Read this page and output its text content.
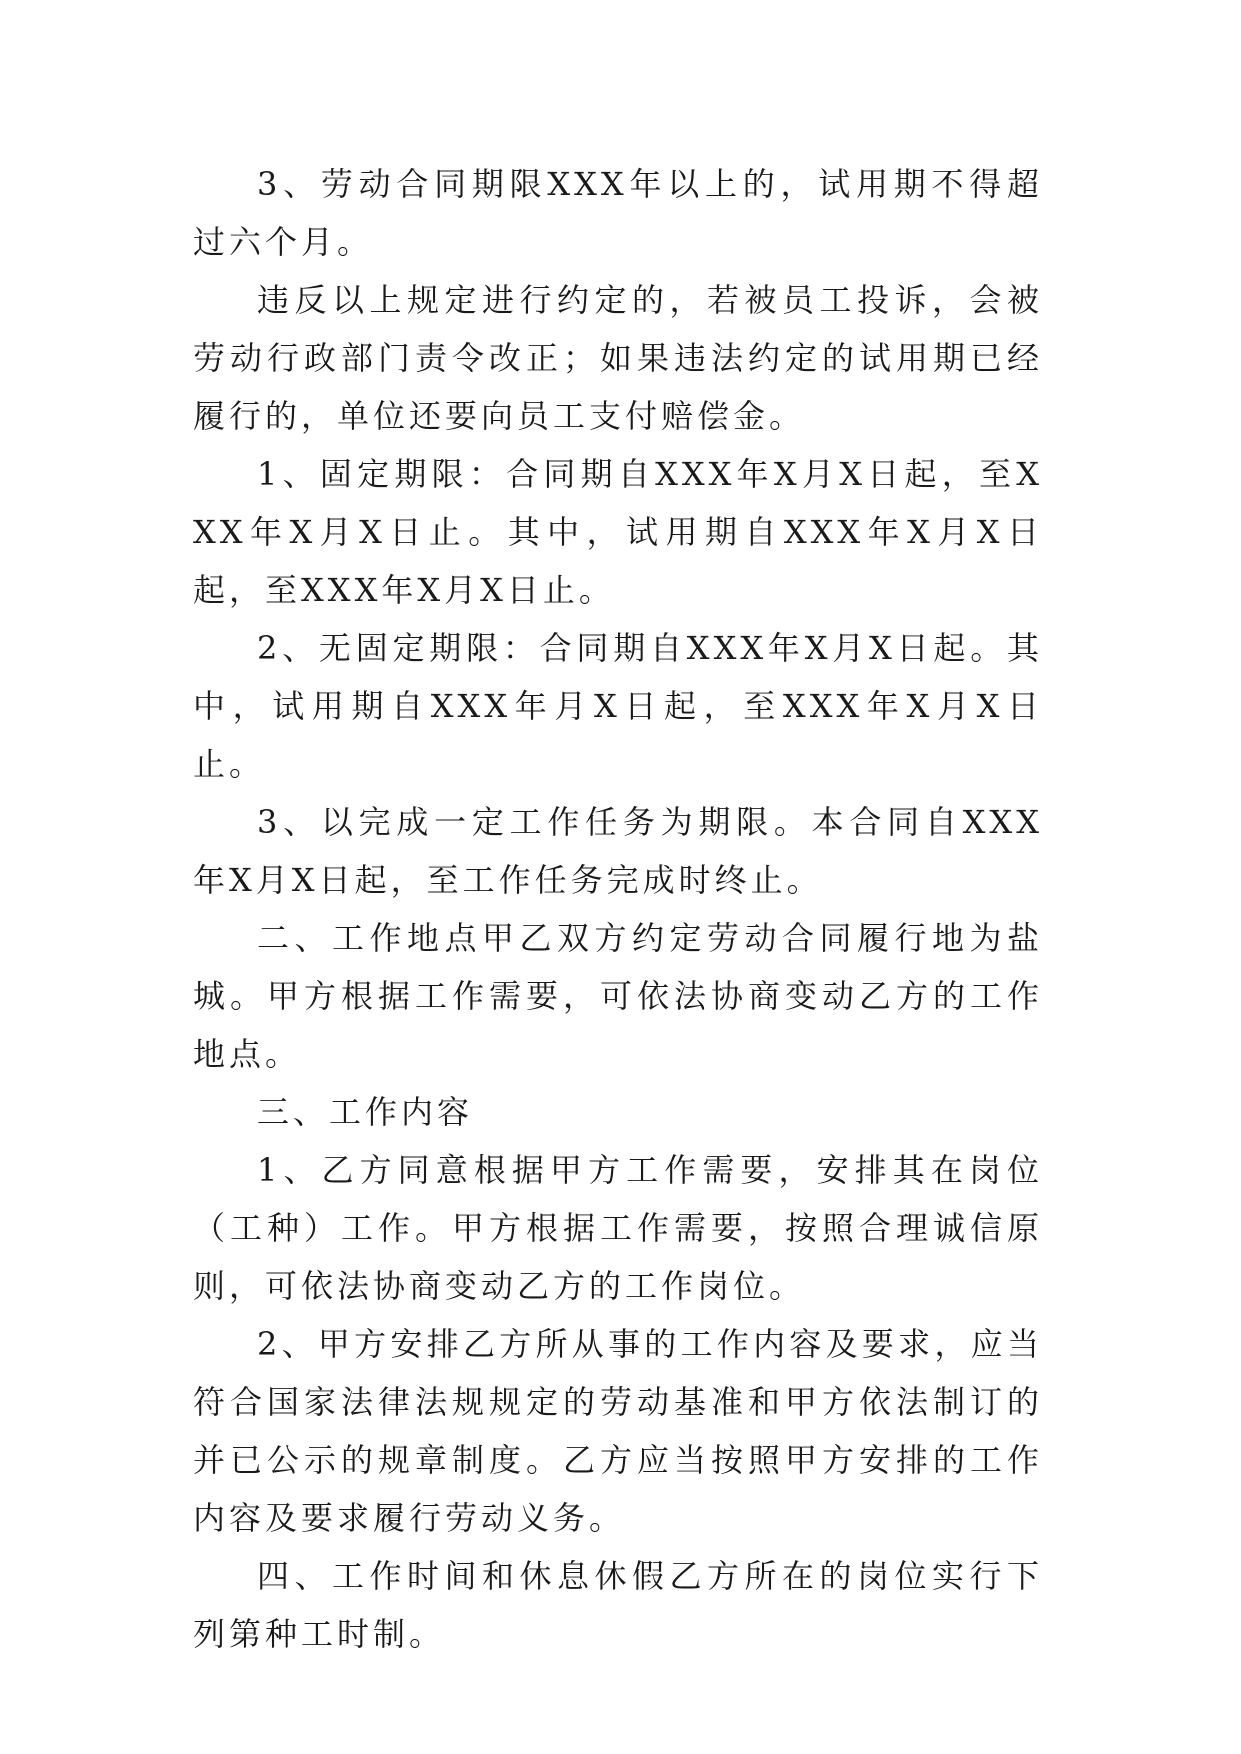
3、劳动合同期限XXX年以上的，试用期不得超过六个月。

违反以上规定进行约定的，若被员工投诉，会被劳动行政部门责令改正；如果违法约定的试用期已经履行的，单位还要向员工支付赔偿金。

1、固定期限：合同期自XXX年X月X日起，至XXX年X月X日止。其中，试用期自XXX年X月X日起，至XXX年X月X日止。

2、无固定期限：合同期自XXX年X月X日起。其中，试用期自XXX年月X日起，至XXX年X月X日止。

3、以完成一定工作任务为期限。本合同自XXX年X月X日起，至工作任务完成时终止。

二、工作地点甲乙双方约定劳动合同履行地为盐城。甲方根据工作需要，可依法协商变动乙方的工作地点。

三、工作内容

1、乙方同意根据甲方工作需要，安排其在岗位（工种）工作。甲方根据工作需要，按照合理诚信原则，可依法协商变动乙方的工作岗位。

2、甲方安排乙方所从事的工作内容及要求，应当符合国家法律法规规定的劳动基准和甲方依法制订的并已公示的规章制度。乙方应当按照甲方安排的工作内容及要求履行劳动义务。

四、工作时间和休息休假乙方所在的岗位实行下列第种工时制。
